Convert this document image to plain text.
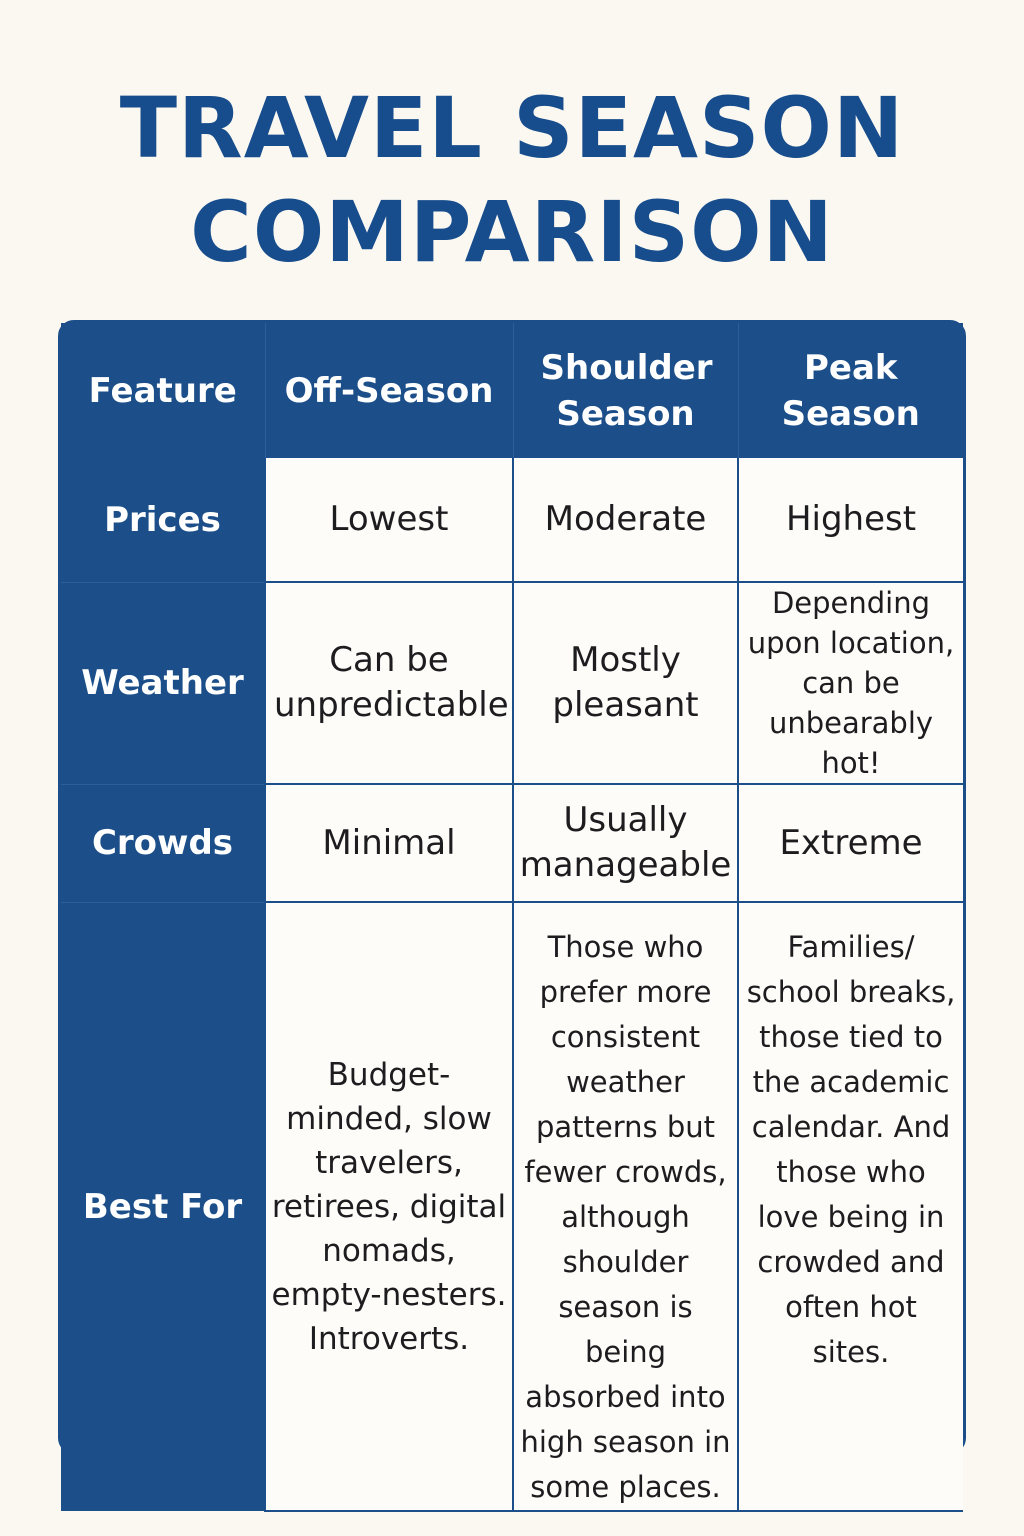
TRAVEL SEASON
COMPARISON
Feature	Off-Season	Shoulder Season	Peak Season
Prices	Lowest	Moderate	Highest
Weather	Can be unpredictable	Mostly pleasant	Depending upon location, can be unbearably hot!
Crowds	Minimal	Usually manageable	Extreme
Best For	Budget-minded, slow travelers, retirees, digital nomads, empty-nesters. Introverts.	Those who prefer more consistent weather patterns but fewer crowds, although shoulder season is being absorbed into high season in some places.	Families/ school breaks, those tied to the academic calendar. And those who love being in crowded and often hot sites.
